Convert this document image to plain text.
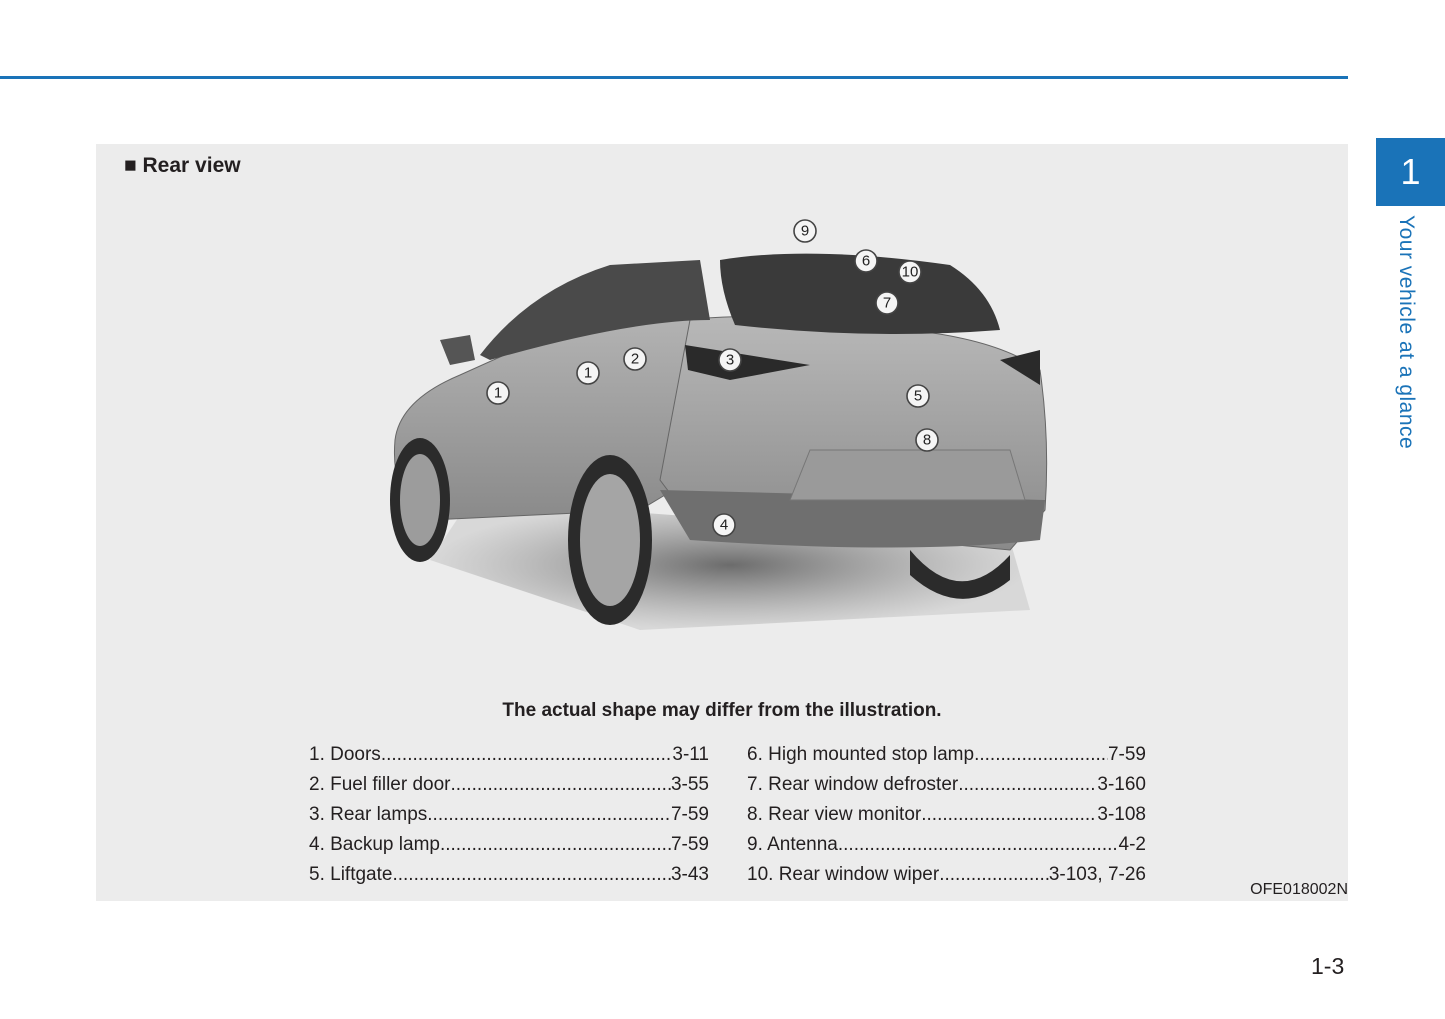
1
Your vehicle at a glance
■ Rear view
9
6
10
7
3
2
1
1	5
8
4
The actual shape may differ from the illustration.
1. Doors .....	3-11
2. Fuel filler door .....	3-55
3. Rear lamps .....	7-59
4. Backup lamp .....	7-59
5. Liftgate .....	3-43
6. High mounted stop lamp .....	7-59
7. Rear window defroster .....	3-160
8. Rear view monitor .....	3-108
9. Antenna .....	4-2
10. Rear window wiper .....	3-103, 7-26
OFE018002N
1-3
